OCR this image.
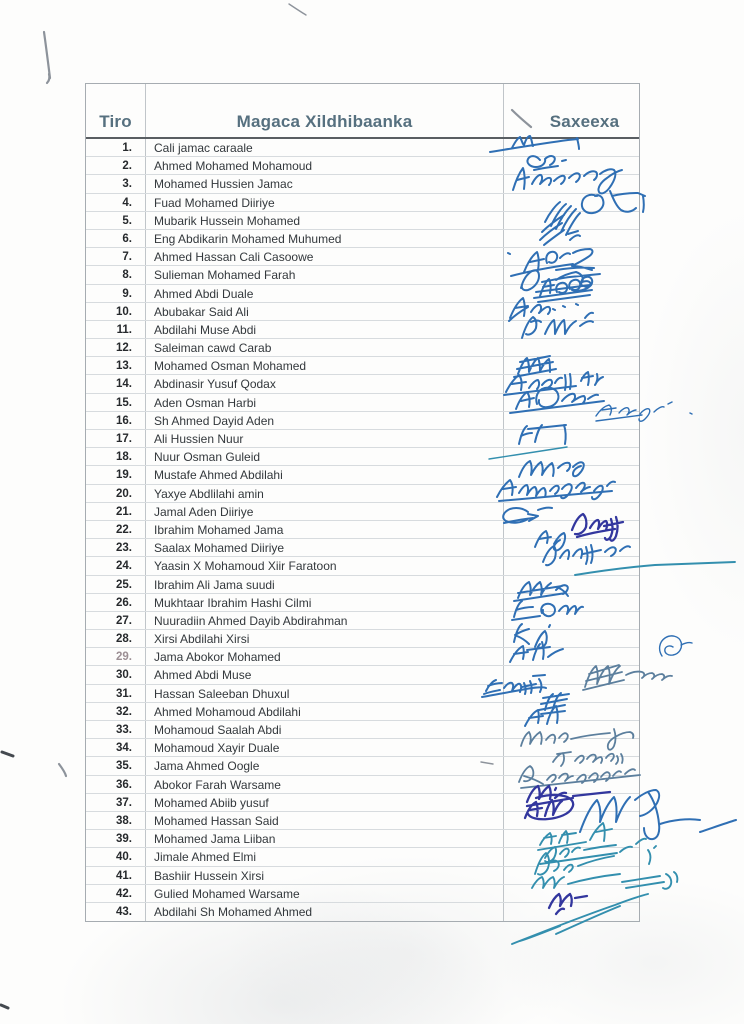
Tiro	Magaca Xildhibaanka	Saxeexa
1.	Cali jamac caraale
2.	Ahmed Mohamed Mohamoud
3.	Mohamed Hussien Jamac
4.	Fuad Mohamed Diiriye
5.	Mubarik Hussein Mohamed
6.	Eng Abdikarin Mohamed Muhumed
7.	Ahmed Hassan Cali Casoowe
8.	Sulieman Mohamed Farah
9.	Ahmed Abdi Duale
10.	Abubakar Said Ali
11.	Abdilahi Muse Abdi
12.	Saleiman cawd Carab
13.	Mohamed Osman Mohamed
14.	Abdinasir Yusuf Qodax
15.	Aden Osman Harbi
16.	Sh Ahmed Dayid Aden
17.	Ali Hussien Nuur
18.	Nuur Osman Guleid
19.	Mustafe Ahmed Abdilahi
20.	Yaxye Abdlilahi amin
21.	Jamal Aden Diiriye
22.	Ibrahim Mohamed Jama
23.	Saalax Mohamed Diiriye
24.	Yaasin X Mohamoud Xiir Faratoon
25.	Ibrahim Ali Jama suudi
26.	Mukhtaar Ibrahim Hashi Cilmi
27.	Nuuradiin Ahmed Dayib Abdirahman
28.	Xirsi Abdilahi Xirsi
29.	Jama Abokor Mohamed
30.	Ahmed Abdi Muse
31.	Hassan Saleeban Dhuxul
32.	Ahmed Mohamoud Abdilahi
33.	Mohamoud Saalah Abdi
34.	Mohamoud Xayir Duale
35.	Jama Ahmed Oogle
36.	Abokor Farah Warsame
37.	Mohamed Abiib yusuf
38.	Mohamed Hassan Said
39.	Mohamed Jama Liiban
40.	Jimale Ahmed Elmi
41.	Bashiir Hussein Xirsi
42.	Gulied Mohamed Warsame
43.	Abdilahi Sh Mohamed Ahmed
